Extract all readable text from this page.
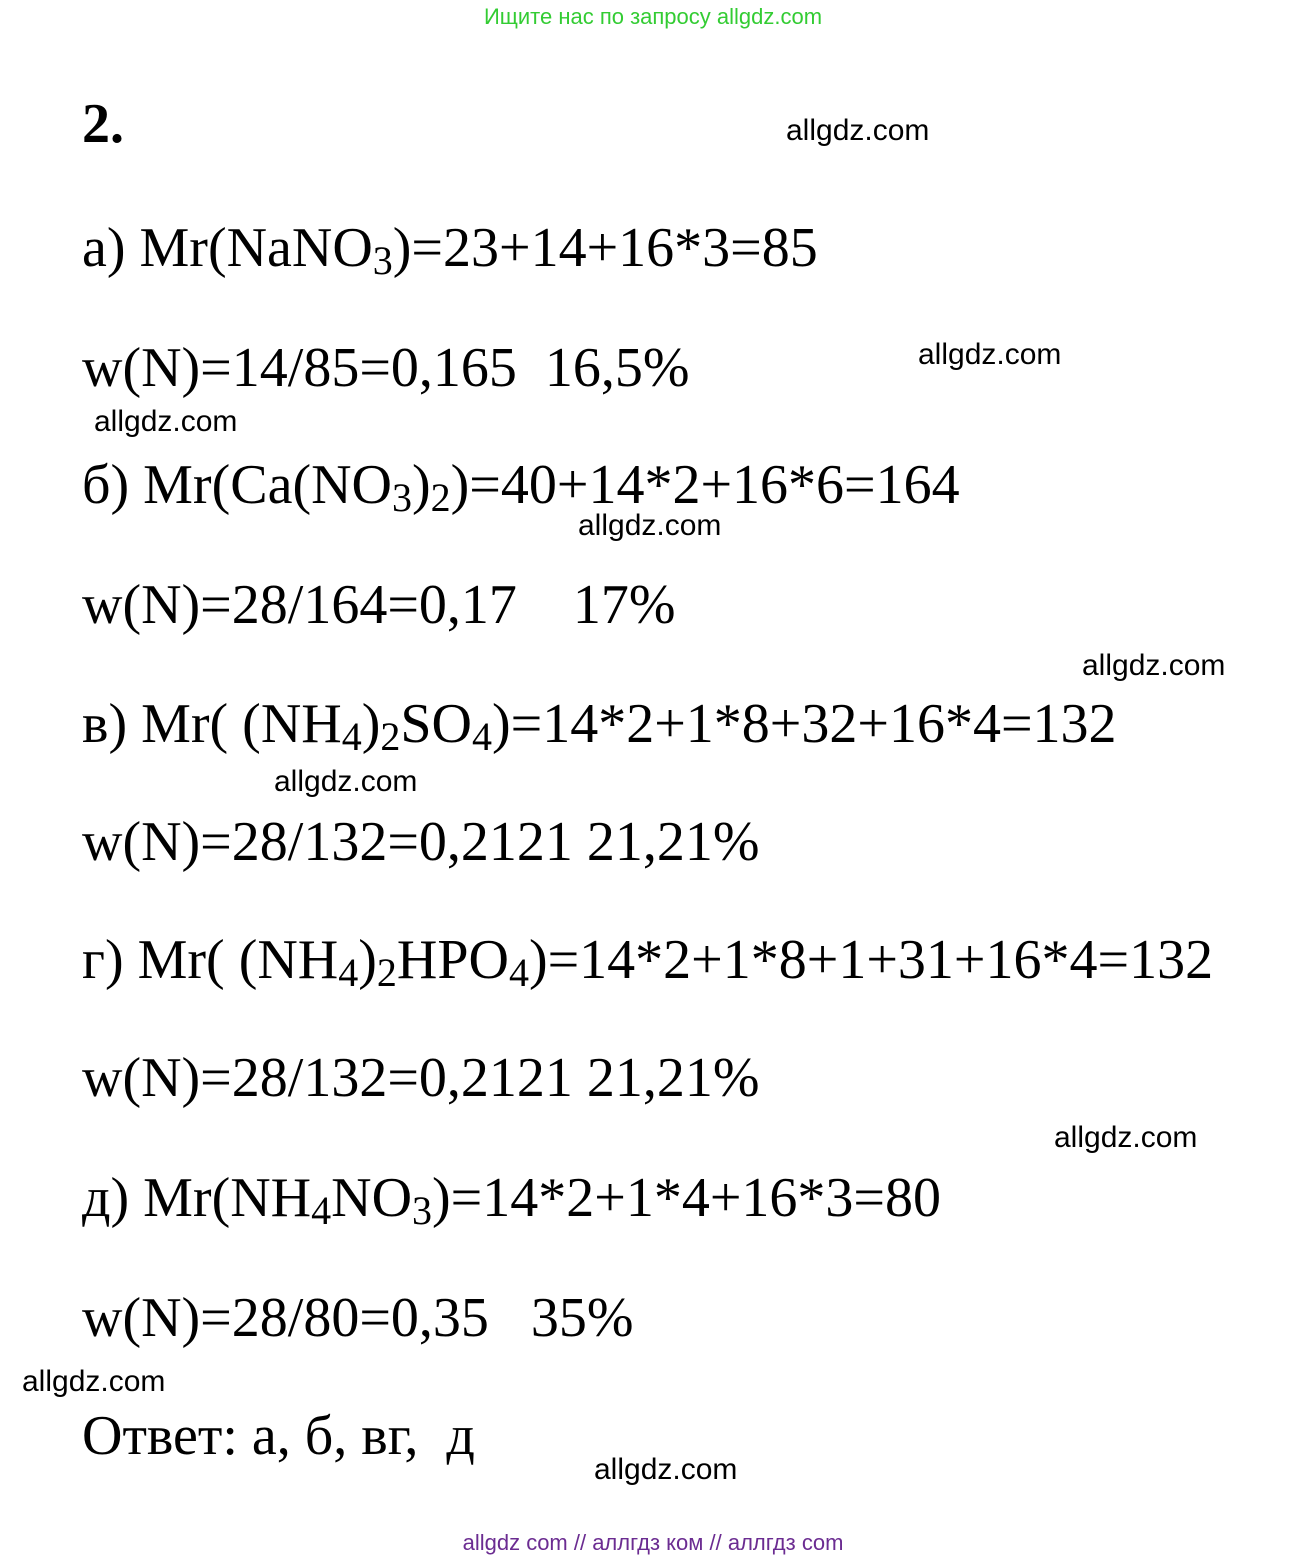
Ищите нас по запросу allgdz.com
2.
а) Mr(NaNO$_3$)=23+14+16*3=85
w(N)=14/85=0,165  16,5%
б) $Mr(Ca(NO_3)_2)=40+14*2+16*6=164$
w(N)=28/164=0,17    17%
в) Mr( $(NH_4)_2SO_4)=14*2+1*8+32+16*4=132$
w(N)=28/132=0,2121 21,21%
г) Mr( $(NH_4)_2HPO_4)=14*2+1*8+1+31+16*4=132$
w(N)=28/132=0,2121 21,21%
д) $Mr(NH_4NO_3)=14*2+1*4+16*3=80$
w(N)=28/80=0,35   35%
Ответ: а, б, вг,  д
allgdz.com
allgdz.com
allgdz.com
allgdz.com
allgdz.com
allgdz.com
allgdz.com
allgdz.com
allgdz.com
allgdz com // аллгдз ком // аллгдз com
